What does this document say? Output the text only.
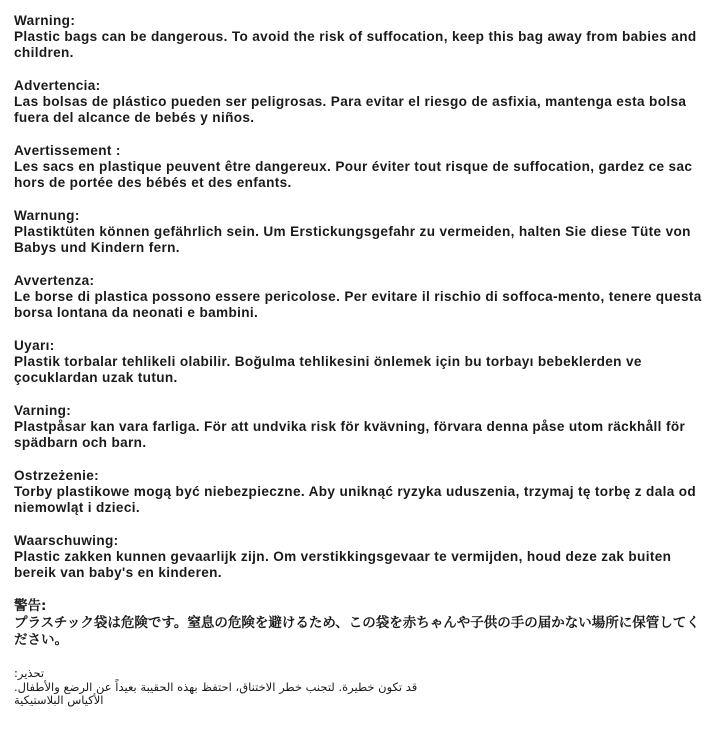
Warning:
Plastic bags can be dangerous. To avoid the risk of suffocation, keep this bag away from babies and children.
Advertencia:
Las bolsas de plástico pueden ser peligrosas. Para evitar el riesgo de asfixia, mantenga esta bolsa fuera del alcance de bebés y niños.
Avertissement :
Les sacs en plastique peuvent être dangereux. Pour éviter tout risque de suffocation, gardez ce sac hors de portée des bébés et des enfants.
Warnung:
Plastiktüten können gefährlich sein. Um Erstickungsgefahr zu vermeiden, halten Sie diese Tüte von Babys und Kindern fern.
Avvertenza:
Le borse di plastica possono essere pericolose. Per evitare il rischio di soffoca-mento, tenere questa borsa lontana da neonati e bambini.
Uyarı:
Plastik torbalar tehlikeli olabilir. Boğulma tehlikesini önlemek için bu torbayı bebeklerden ve çocuklardan uzak tutun.
Varning:
Plastpåsar kan vara farliga. För att undvika risk för kvävning, förvara denna påse utom räckhåll för spädbarn och barn.
Ostrzeżenie:
Torby plastikowe mogą być niebezpieczne. Aby uniknąć ryzyka uduszenia, trzymaj tę torbę z dala od niemowląt i dzieci.
Waarschuwing:
Plastic zakken kunnen gevaarlijk zijn. Om verstikkingsgevaar te vermijden, houd deze zak buiten bereik van baby's en kinderen.
警告:
プラスチック袋は危険です。窒息の危険を避けるため、この袋を赤ちゃんや子供の手の届かない場所に保管してください。
تحذير:
قد تكون خطيرة. لتجنب خطر الاختناق، احتفظ بهذه الحقيبة بعيداً عن الرضع والأطفال.
الأكياس البلاستيكية
